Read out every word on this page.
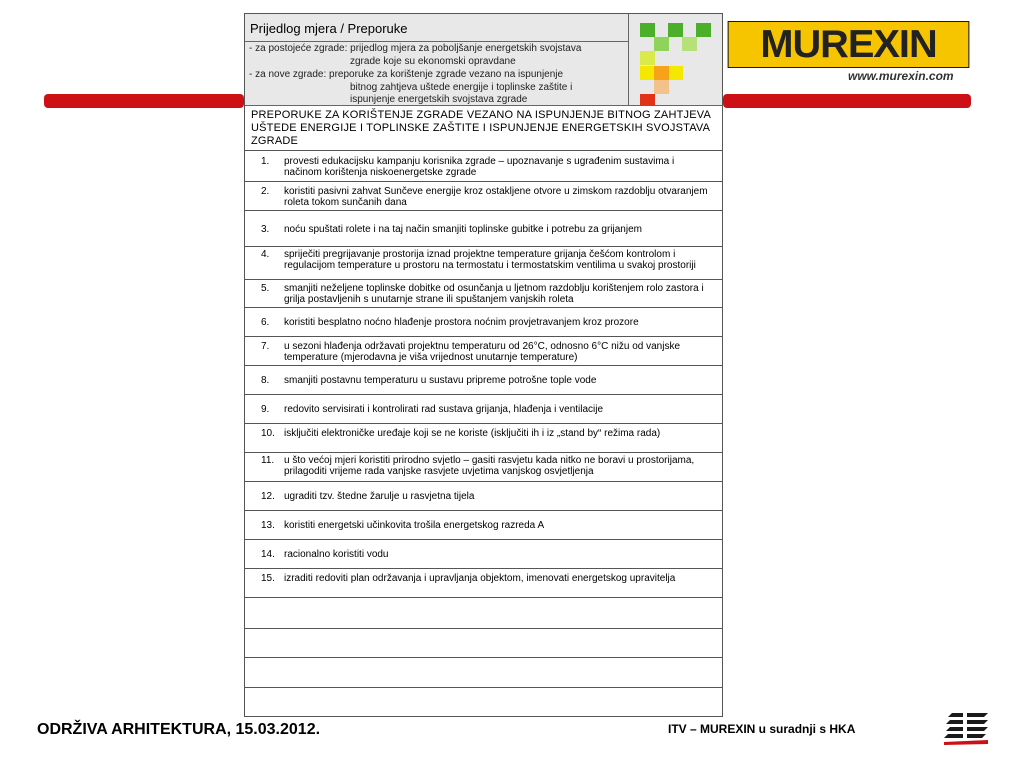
MUREXIN
www.murexin.com
Prijedlog mjera / Preporuke
- za postojeće zgrade: prijedlog mjera za poboljšanje energetskih svojstava
zgrade koje su ekonomski opravdane
- za nove zgrade: preporuke za korištenje zgrade vezano na ispunjenje
bitnog zahtjeva uštede energije i toplinske zaštite i
ispunjenje energetskih svojstava zgrade
PREPORUKE ZA KORIŠTENJE ZGRADE VEZANO NA ISPUNJENJE BITNOG ZAHTJEVA UŠTEDE ENERGIJE I TOPLINSKE ZAŠTITE I ISPUNJENJE ENERGETSKIH SVOJSTAVA ZGRADE
1. provesti edukacijsku kampanju korisnika zgrade – upoznavanje s ugrađenim sustavima i načinom korištenja niskoenergetske zgrade
2. koristiti pasivni zahvat Sunčeve energije kroz ostakljene otvore u zimskom razdoblju otvaranjem roleta tokom sunčanih dana
3. noću spuštati rolete i na taj način smanjiti toplinske gubitke i potrebu za grijanjem
4. spriječiti pregrijavanje prostorija iznad projektne temperature grijanja češćom kontrolom i regulacijom temperature u prostoru na termostatu i termostatskim ventilima u svakoj prostoriji
5. smanjiti neželjene toplinske dobitke od osunčanja u ljetnom razdoblju korištenjem rolo zastora i grilja postavljenih s unutarnje strane ili spuštanjem vanjskih roleta
6. koristiti besplatno noćno hlađenje prostora noćnim provjetravanjem kroz prozore
7. u sezoni hlađenja održavati projektnu temperaturu od 26°C, odnosno 6°C nižu od vanjske temperature (mjerodavna je viša vrijednost unutarnje temperature)
8. smanjiti postavnu temperaturu u sustavu pripreme potrošne tople vode
9. redovito servisirati i kontrolirati rad sustava grijanja, hlađenja i ventilacije
10. isključiti elektroničke uređaje koji se ne koriste (isključiti ih i iz „stand by“ režima rada)
11. u što većoj mjeri koristiti prirodno svjetlo – gasiti rasvjetu kada nitko ne boravi u prostorijama, prilagoditi vrijeme rada vanjske rasvjete uvjetima vanjskog osvjetljenja
12. ugraditi tzv. štedne žarulje u rasvjetna tijela
13. koristiti energetski učinkovita trošila energetskog razreda A
14. racionalno koristiti vodu
15. izraditi redoviti plan održavanja i upravljanja objektom, imenovati energetskog upravitelja
ODRŽIVA ARHITEKTURA, 15.03.2012.	ITV – MUREXIN u suradnji s HKA
